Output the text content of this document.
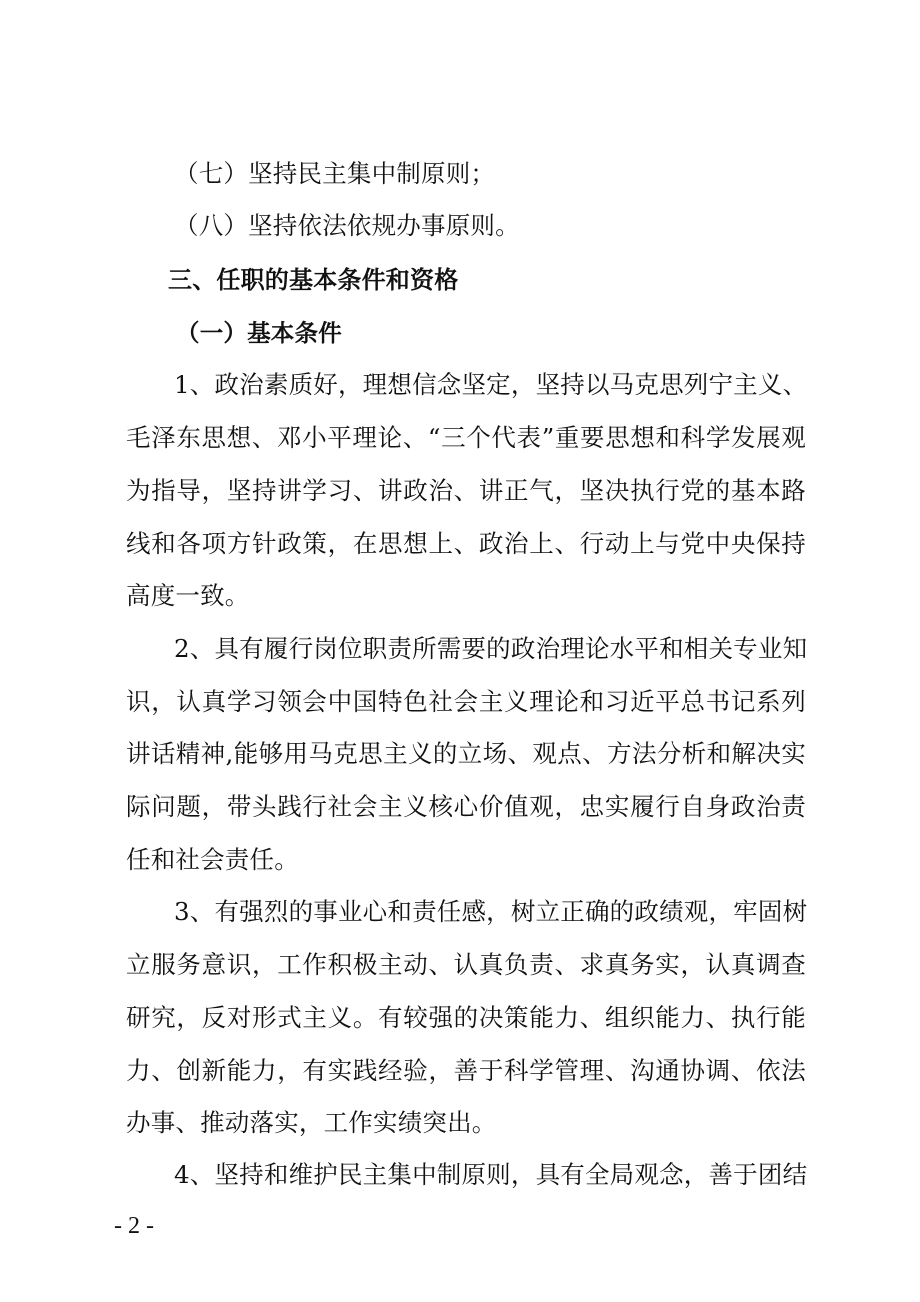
（七）坚持民主集中制原则；
（八）坚持依法依规办事原则。
三、任职的基本条件和资格
（一）基本条件
1、政治素质好，理想信念坚定，坚持以马克思列宁主义、
毛泽东思想、邓小平理论、“三个代表”重要思想和科学发展观
为指导，坚持讲学习、讲政治、讲正气，坚决执行党的基本路
线和各项方针政策，在思想上、政治上、行动上与党中央保持
高度一致。
2、具有履行岗位职责所需要的政治理论水平和相关专业知
识，认真学习领会中国特色社会主义理论和习近平总书记系列
讲话精神,能够用马克思主义的立场、观点、方法分析和解决实
际问题，带头践行社会主义核心价值观，忠实履行自身政治责
任和社会责任。
3、有强烈的事业心和责任感，树立正确的政绩观，牢固树
立服务意识，工作积极主动、认真负责、求真务实，认真调查
研究，反对形式主义。有较强的决策能力、组织能力、执行能
力、创新能力，有实践经验，善于科学管理、沟通协调、依法
办事、推动落实，工作实绩突出。
4、坚持和维护民主集中制原则，具有全局观念，善于团结
- 2 -
